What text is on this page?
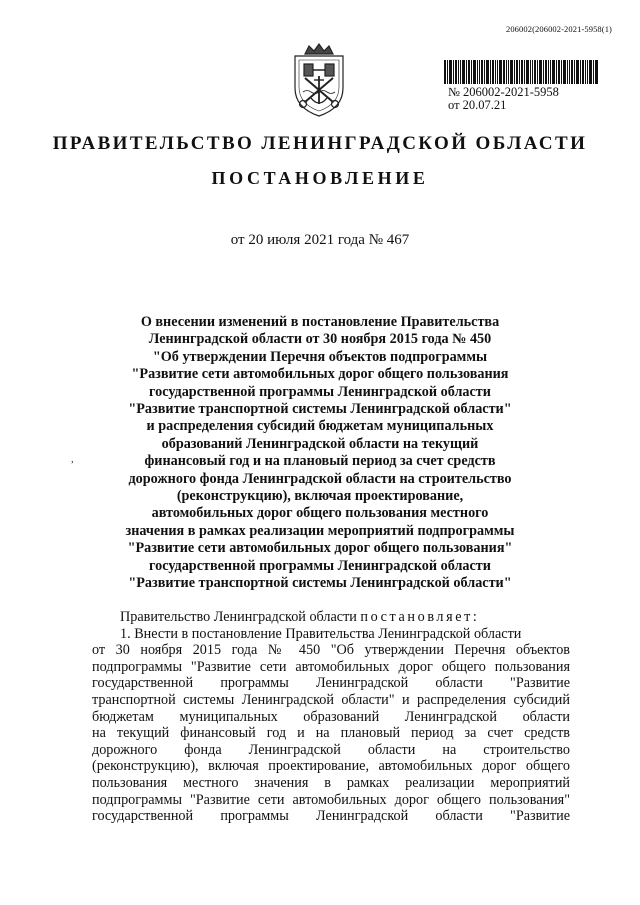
206002(206002-2021-5958(1)
№ 206002-2021-5958
от 20.07.21
ПРАВИТЕЛЬСТВО ЛЕНИНГРАДСКОЙ ОБЛАСТИ
ПОСТАНОВЛЕНИЕ
от 20 июля 2021 года № 467
,
О внесении изменений в постановление Правительства
Ленинградской области от 30 ноября 2015 года № 450
"Об утверждении Перечня объектов подпрограммы
"Развитие сети автомобильных дорог общего пользования
государственной программы Ленинградской области
"Развитие транспортной системы Ленинградской области"
и распределения субсидий бюджетам муниципальных
образований Ленинградской области на текущий
финансовый год и на плановый период за счет средств
дорожного фонда Ленинградской области на строительство
(реконструкцию), включая проектирование,
автомобильных дорог общего пользования местного
значения в рамках реализации мероприятий подпрограммы
"Развитие сети автомобильных дорог общего пользования"
государственной программы Ленинградской области
"Развитие транспортной системы Ленинградской области"
Правительство Ленинградской области постановляет:
1. Внести в постановление Правительства Ленинградской области
от 30 ноября 2015 года № 450 "Об утверждении Перечня объектов
подпрограммы "Развитие сети автомобильных дорог общего пользования
государственной программы Ленинградской области "Развитие
транспортной системы Ленинградской области" и распределения субсидий
бюджетам муниципальных образований Ленинградской области
на текущий финансовый год и на плановый период за счет средств
дорожного фонда Ленинградской области на строительство
(реконструкцию), включая проектирование, автомобильных дорог общего
пользования местного значения в рамках реализации мероприятий
подпрограммы "Развитие сети автомобильных дорог общего пользования"
государственной программы Ленинградской области "Развитие
